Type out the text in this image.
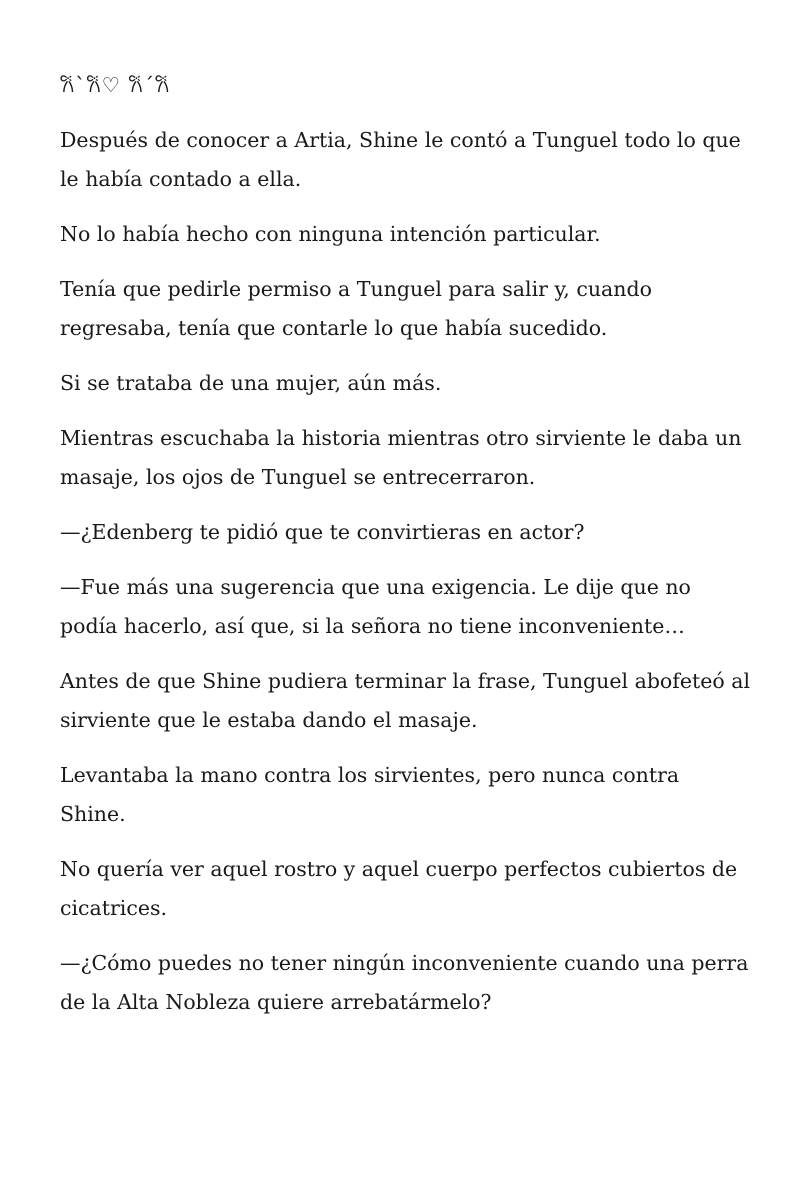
𐙚`𐙚♡ 𐙚´𐙚

Después de conocer a Artia, Shine le contó a Tunguel todo lo que le había contado a ella.

No lo había hecho con ninguna intención particular.

Tenía que pedirle permiso a Tunguel para salir y, cuando regresaba, tenía que contarle lo que había sucedido.

Si se trataba de una mujer, aún más.

Mientras escuchaba la historia mientras otro sirviente le daba un masaje, los ojos de Tunguel se entrecerraron.

—¿Edenberg te pidió que te convirtieras en actor?

—Fue más una sugerencia que una exigencia. Le dije que no podía hacerlo, así que, si la señora no tiene inconveniente…

Antes de que Shine pudiera terminar la frase, Tunguel abofeteó al sirviente que le estaba dando el masaje.

Levantaba la mano contra los sirvientes, pero nunca contra Shine.

No quería ver aquel rostro y aquel cuerpo perfectos cubiertos de cicatrices.

—¿Cómo puedes no tener ningún inconveniente cuando una perra de la Alta Nobleza quiere arrebatármelo?
